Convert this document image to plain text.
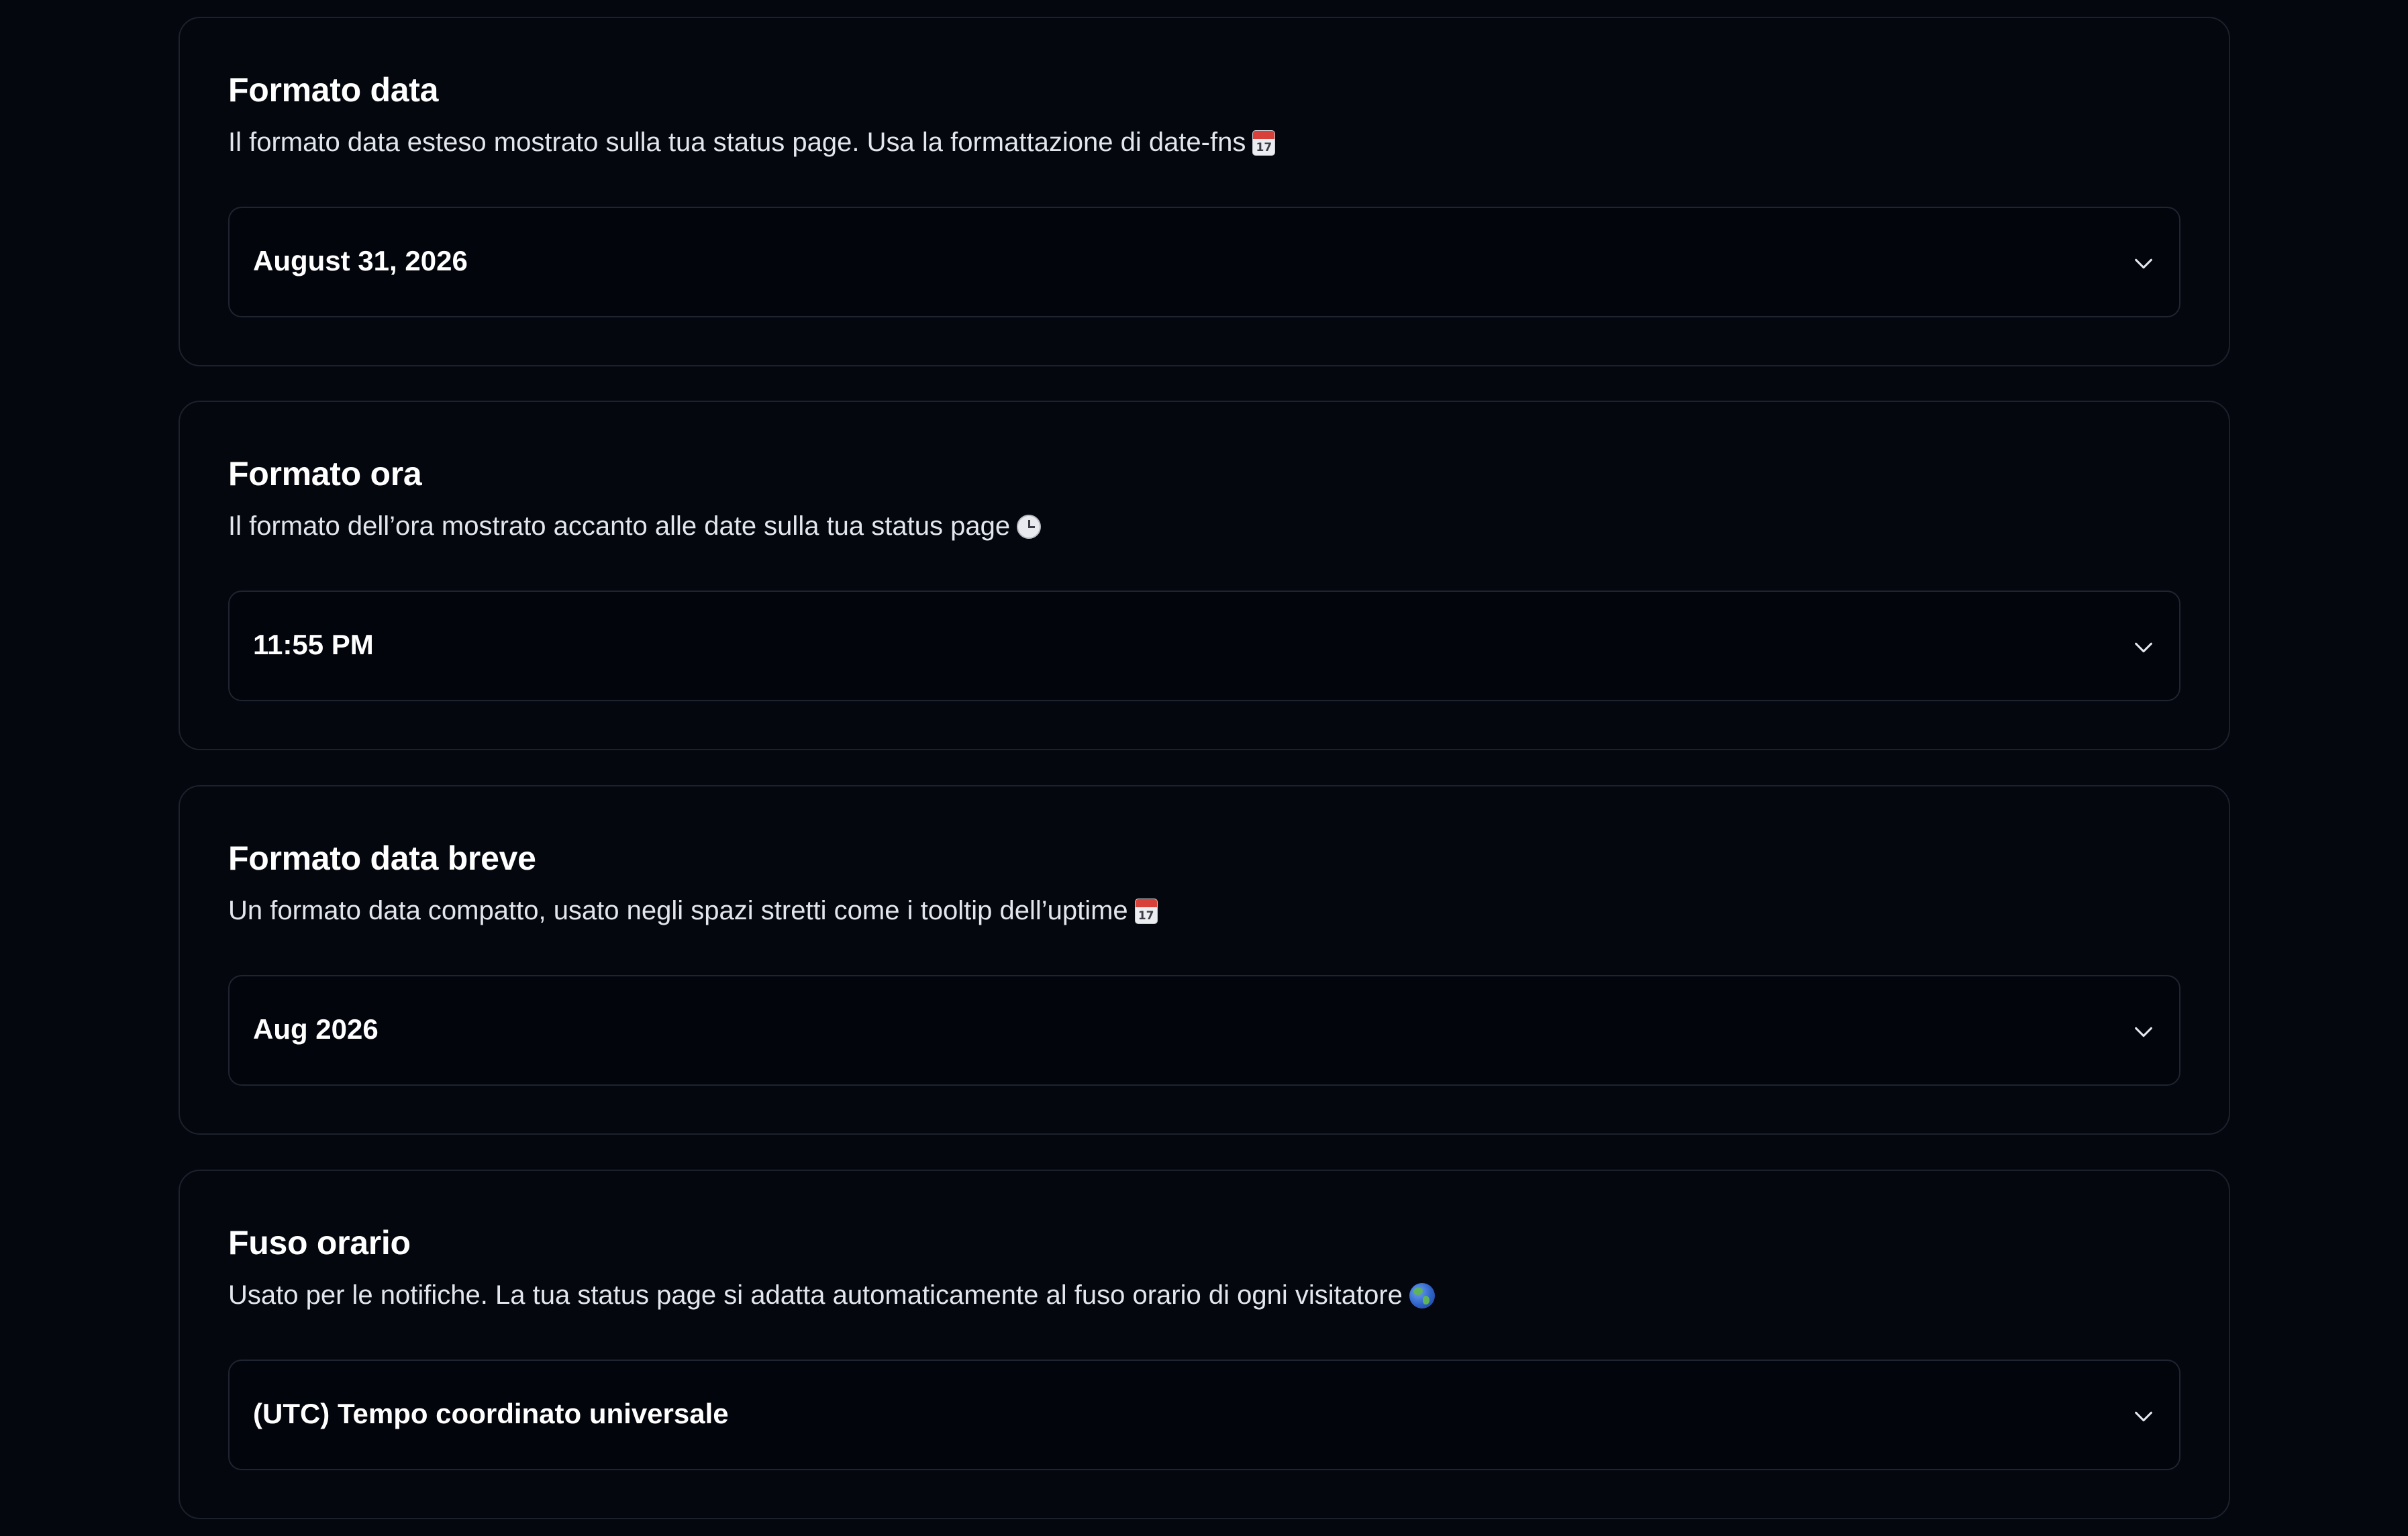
Formato data
Il formato data esteso mostrato sulla tua status page. Usa la formattazione di date-fns
17
August 31, 2026
Formato ora
Il formato dell’ora mostrato accanto alle date sulla tua status page
11:55 PM
Formato data breve
Un formato data compatto, usato negli spazi stretti come i tooltip dell’uptime
17
Aug 2026
Fuso orario
Usato per le notifiche. La tua status page si adatta automaticamente al fuso orario di ogni visitatore
(UTC) Tempo coordinato universale
